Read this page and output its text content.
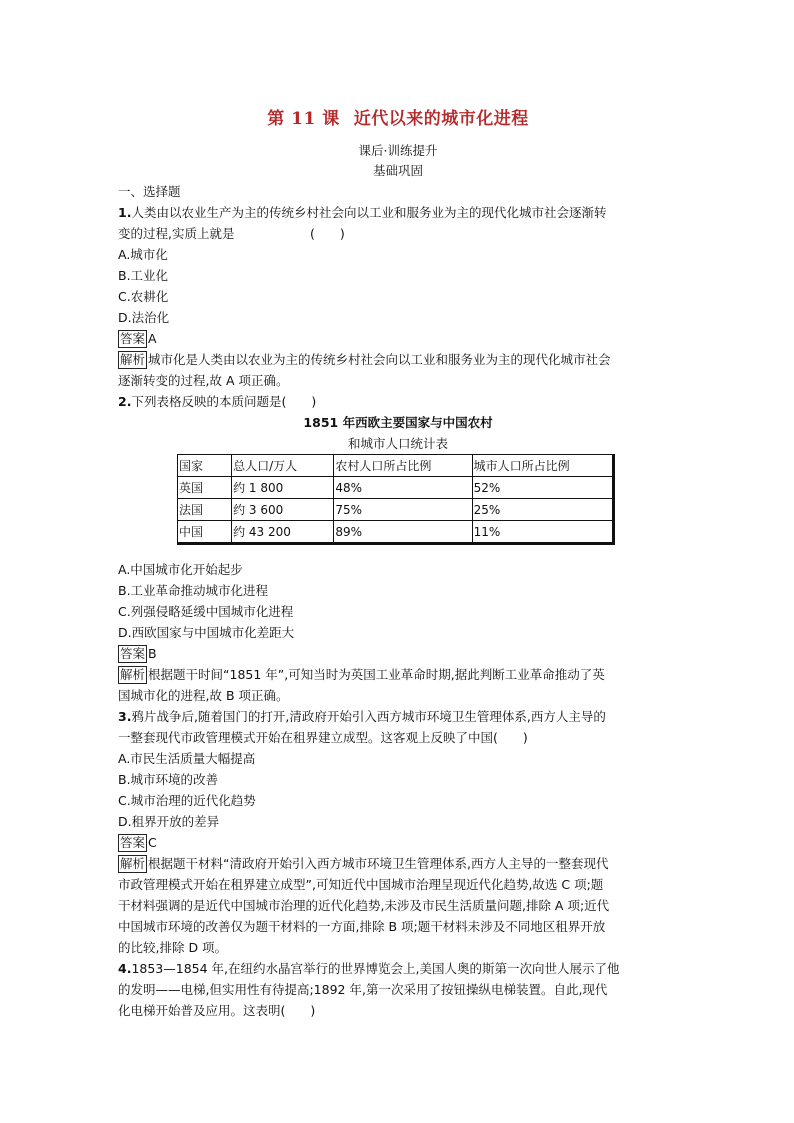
第 11 课 近代以来的城市化进程

课后·训练提升

基础巩固

一、选择题

1.人类由以农业生产为主的传统乡村社会向以工业和服务业为主的现代化城市社会逐渐转

变的过程,实质上就是                   (　　)

A.城市化

B.工业化

C.农耕化

D.法治化

答案 A

解析 城市化是人类由以农业为主的传统乡村社会向以工业和服务业为主的现代化城市社会

逐渐转变的过程,故 A 项正确。

2.下列表格反映的本质问题是(　　)

1851 年西欧主要国家与中国农村

和城市人口统计表

国家	总人口/万人	农村人口所占比例	城市人口所占比例
英国	约 1 800	48%	52%
法国	约 3 600	75%	25%
中国	约 43 200	89%	11%

A.中国城市化开始起步

B.工业革命推动城市化进程

C.列强侵略延缓中国城市化进程

D.西欧国家与中国城市化差距大

答案 B

解析 根据题干时间“1851 年”,可知当时为英国工业革命时期,据此判断工业革命推动了英

国城市化的进程,故 B 项正确。

3.鸦片战争后,随着国门的打开,清政府开始引入西方城市环境卫生管理体系,西方人主导的

一整套现代市政管理模式开始在租界建立成型。这客观上反映了中国(　　)

A.市民生活质量大幅提高

B.城市环境的改善

C.城市治理的近代化趋势

D.租界开放的差异

答案 C

解析 根据题干材料“清政府开始引入西方城市环境卫生管理体系,西方人主导的一整套现代

市政管理模式开始在租界建立成型”,可知近代中国城市治理呈现近代化趋势,故选 C 项;题

干材料强调的是近代中国城市治理的近代化趋势,未涉及市民生活质量问题,排除 A 项;近代

中国城市环境的改善仅为题干材料的一方面,排除 B 项;题干材料未涉及不同地区租界开放

的比较,排除 D 项。

4.1853—1854 年,在纽约水晶宫举行的世界博览会上,美国人奥的斯第一次向世人展示了他

的发明——电梯,但实用性有待提高;1892 年,第一次采用了按钮操纵电梯装置。自此,现代

化电梯开始普及应用。这表明(　　)
